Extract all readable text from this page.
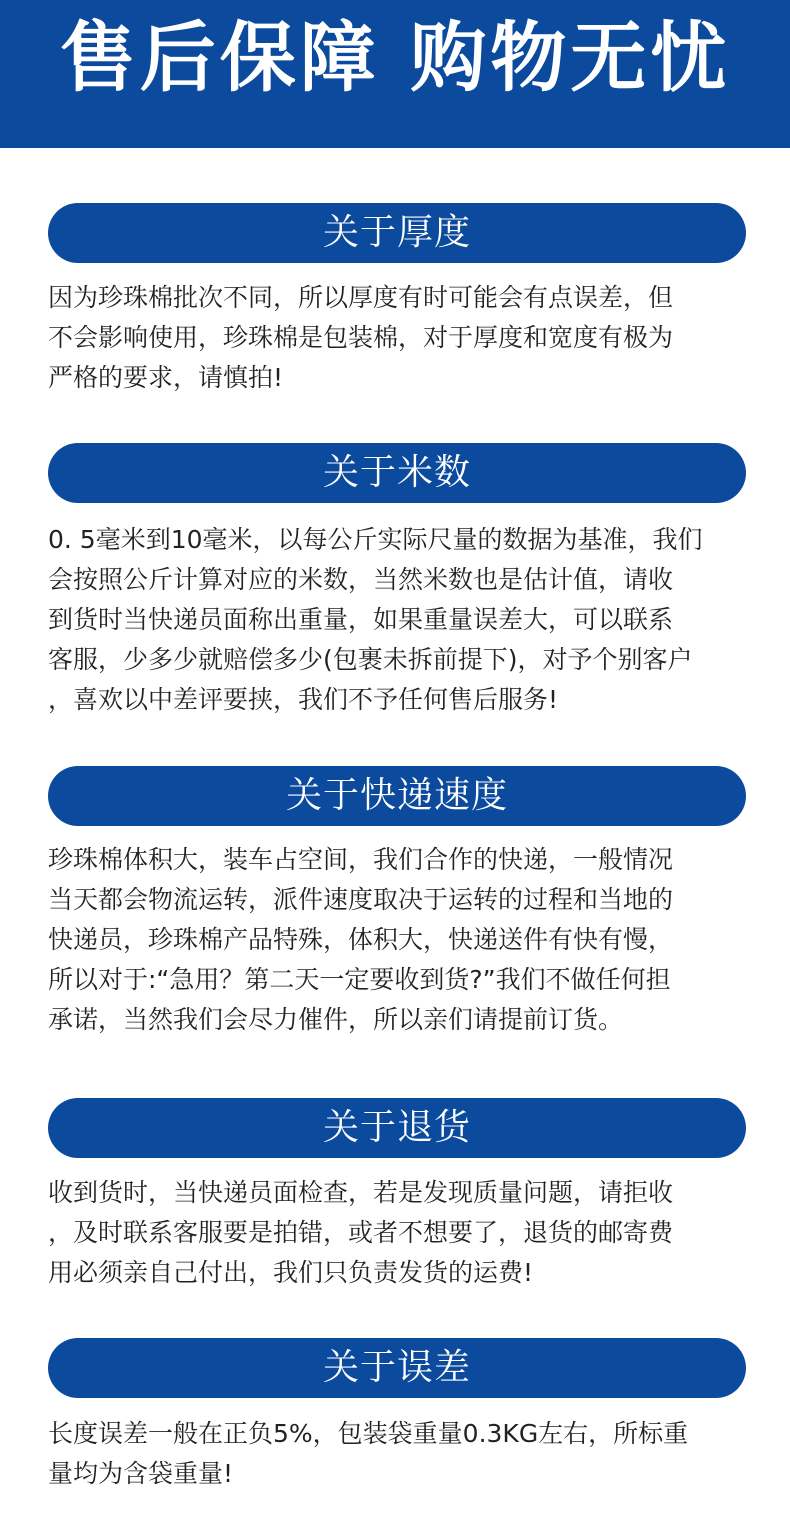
售后保障 购物无忧
关于厚度
因为珍珠棉批次不同，所以厚度有时可能会有点误差，但
不会影响使用，珍珠棉是包装棉，对于厚度和宽度有极为
严格的要求，请慎拍!
关于米数
0. 5毫米到10毫米，以每公斤实际尺量的数据为基准，我们
会按照公斤计算对应的米数，当然米数也是估计值，请收
到货时当快递员面称出重量，如果重量误差大，可以联系
客服，少多少就赔偿多少(包裹未拆前提下)，对予个别客户
，喜欢以中差评要挟，我们不予任何售后服务!
关于快递速度
珍珠棉体积大，装车占空间，我们合作的快递，一般情况
当天都会物流运转，派件速度取决于运转的过程和当地的
快递员，珍珠棉产品特殊，体积大，快递送件有快有慢，
所以对于:“急用？第二天一定要收到货?”我们不做任何担
承诺，当然我们会尽力催件，所以亲们请提前订货。
关于退货
收到货时，当快递员面检查，若是发现质量问题，请拒收
，及时联系客服要是拍错，或者不想要了，退货的邮寄费
用必须亲自己付出，我们只负责发货的运费!
关于误差
长度误差一般在正负5%，包装袋重量0.3KG左右，所标重
量均为含袋重量!
